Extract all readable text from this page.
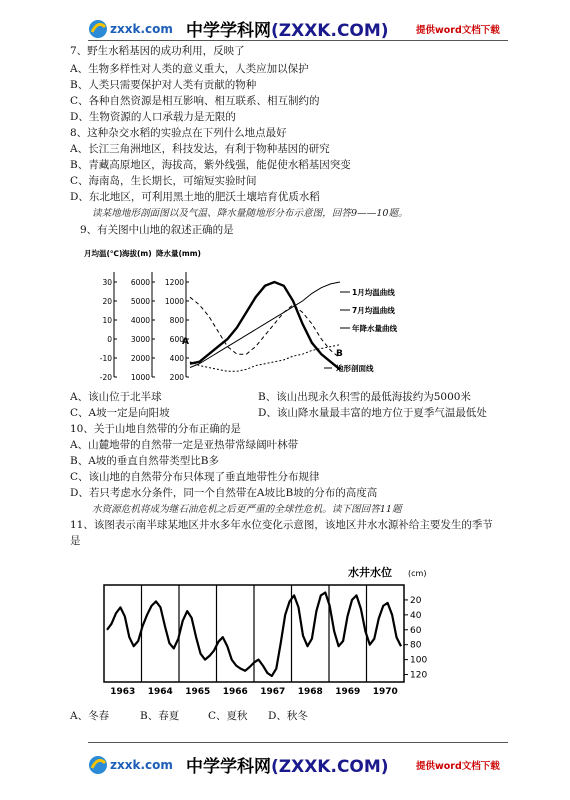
zxxk.com 中学学科网(ZXXK.COM)	提供word文档下载
7、野生水稻基因的成功利用，反映了
A、生物多样性对人类的意义重大，人类应加以保护
B、人类只需要保护对人类有贡献的物种
C、各种自然资源是相互影响、相互联系、相互制约的
D、生物资源的人口承载力是无限的
8、这种杂交水稻的实验点在下列什么地点最好
A、长江三角洲地区，科技发达，有利于物种基因的研究
B、青藏高原地区，海拔高，紫外线强，能促使水稻基因突变
C、海南岛，生长期长，可缩短实验时间
D、东北地区，可利用黑土地的肥沃土壤培育优质水稻
读某地地形剖面图以及气温、降水量随地形分布示意图，回答9——10题。
9、有关图中山地的叙述正确的是
月均温(℃) 海拔(m) 降水量(mm)
30
20
10
0
-10
-20
6000
5000
4000
3000
2000
1000
1200
1000
800
600
400
200
A
B
1月均温曲线
7月均温曲线
年降水量曲线
地形剖面线
A、该山位于北半球	B、该山出现永久积雪的最低海拔约为5000米
C、A坡一定是向阳坡	D、该山降水量最丰富的地方位于夏季气温最低处
10、关于山地自然带的分布正确的是
A、山麓地带的自然带一定是亚热带常绿阔叶林带
B、A坡的垂直自然带类型比B多
C、该山地的自然带分布只体现了垂直地带性分布规律
D、若只考虑水分条件，同一个自然带在A坡比B坡的分布的高度高
水资源危机将成为继石油危机之后更严重的全球性危机。读下图回答11题
11、该图表示南半球某地区井水多年水位变化示意图，该地区井水水源补给主要发生的季节
是
水井水位 (cm)
20
40
60
80
100
120
1963 1964 1965 1966 1967 1968 1969 1970
A、冬春	B、春夏	C、夏秋 D、秋冬
zxxk.com 中学学科网(ZXXK.COM)	提供word文档下载
